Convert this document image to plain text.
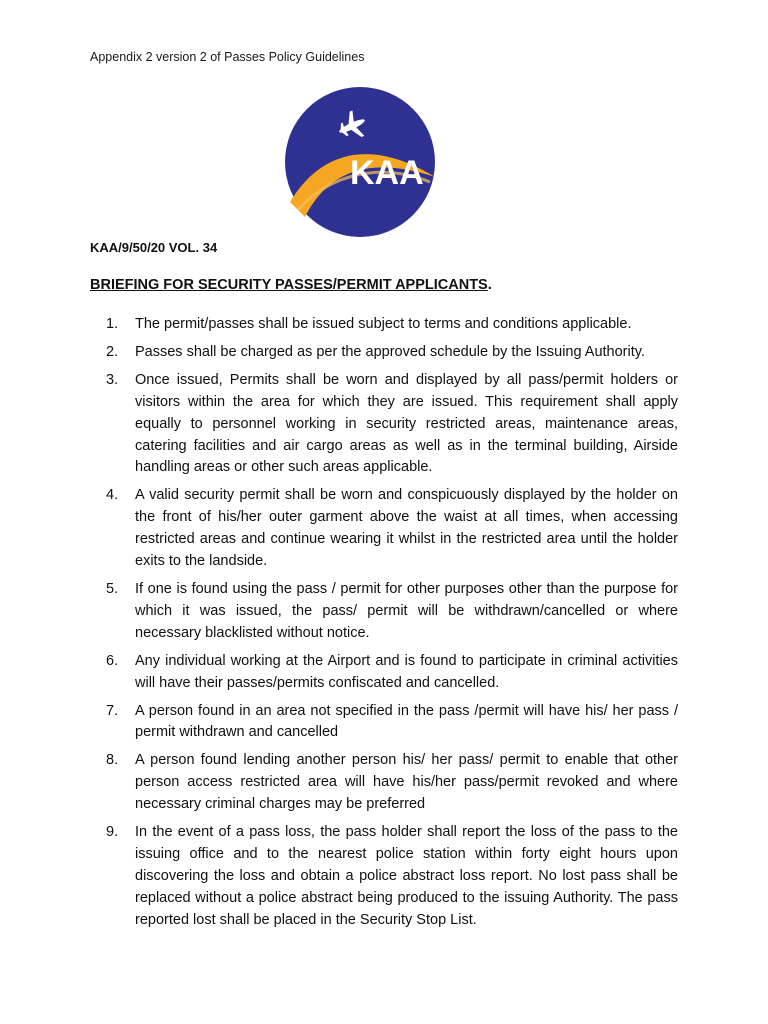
Appendix 2 version 2 of Passes Policy Guidelines
KAA
KAA/9/50/20 VOL. 34
BRIEFING FOR SECURITY PASSES/PERMIT APPLICANTS.
1.	The permit/passes shall be issued subject to terms and conditions applicable.
2.	Passes shall be charged as per the approved schedule by the Issuing Authority.
3.	Once issued, Permits shall be worn and displayed by all pass/permit holders or visitors within the area for which they are issued. This requirement shall apply equally to personnel working in security restricted areas, maintenance areas, catering facilities and air cargo areas as well as in the terminal building, Airside handling areas or other such areas applicable.
4.	A valid security permit shall be worn and conspicuously displayed by the holder on the front of his/her outer garment above the waist at all times, when accessing restricted areas and continue wearing it whilst in the restricted area until the holder exits to the landside.
5.	If one is found using the pass / permit for other purposes other than the purpose for which it was issued, the pass/ permit will be withdrawn/cancelled or where necessary blacklisted without notice.
6.	Any individual working at the Airport and is found to participate in criminal activities will have their passes/permits confiscated and cancelled.
7.	A person found in an area not specified in the pass /permit will have his/ her pass / permit withdrawn and cancelled
8.	A person found lending another person his/ her pass/ permit to enable that other person access restricted area will have his/her pass/permit revoked and where necessary criminal charges may be preferred
9.	In the event of a pass loss, the pass holder shall report the loss of the pass to the issuing office and to the nearest police station within forty eight hours upon discovering the loss and obtain a police abstract loss report. No lost pass shall be replaced without a police abstract being produced to the issuing Authority. The pass reported lost shall be placed in the Security Stop List.
